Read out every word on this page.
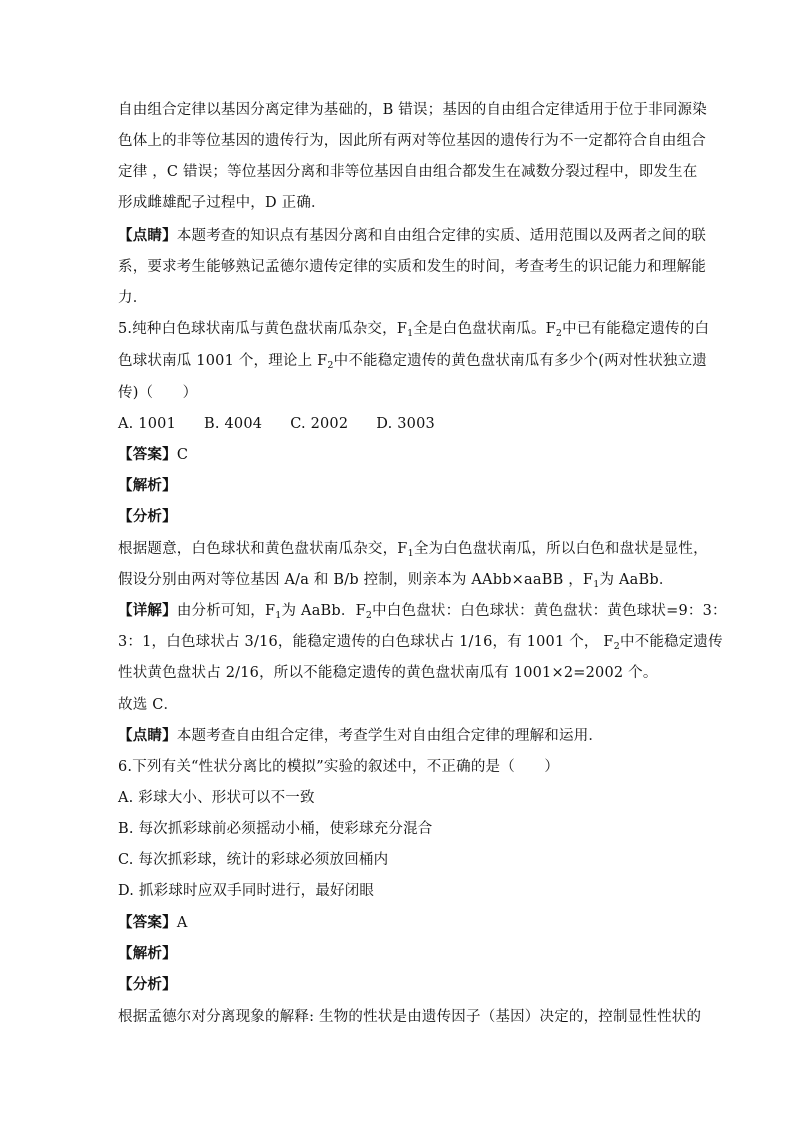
自由组合定律以基因分离定律为基础的，B 错误；基因的自由组合定律适用于位于非同源染
色体上的非等位基因的遗传行为，因此所有两对等位基因的遗传行为不一定都符合自由组合
定律 ，C 错误；等位基因分离和非等位基因自由组合都发生在减数分裂过程中，即发生在
形成雌雄配子过程中，D 正确．
【点睛】本题考查的知识点有基因分离和自由组合定律的实质、适用范围以及两者之间的联
系，要求考生能够熟记孟德尔遗传定律的实质和发生的时间，考查考生的识记能力和理解能
力．
5.纯种白色球状南瓜与黄色盘状南瓜杂交，$F_1$全是白色盘状南瓜。$F_2$中已有能稳定遗传的白
色球状南瓜 1001 个，理论上 $F_2$中不能稳定遗传的黄色盘状南瓜有多少个(两对性状独立遗
传)（　　）
A. 1001 B. 4004 C. 2002 D. 3003
【答案】C
【解析】
【分析】
根据题意，白色球状和黄色盘状南瓜杂交，$F_1$全为白色盘状南瓜，所以白色和盘状是显性，
假设分别由两对等位基因 A/a 和 B/b 控制，则亲本为 AAbb×aaBB ，$F_1$为 AaBb．
【详解】由分析可知，$F_1$为 AaBb．$F_2$中白色盘状：白色球状：黄色盘状：黄色球状=9：3：
3：1，白色球状占 3/16，能稳定遗传的白色球状占 1/16，有 1001 个， $F_2$中不能稳定遗传
性状黄色盘状占 2/16，所以不能稳定遗传的黄色盘状南瓜有 1001×2=2002 个。
故选 C．
【点睛】本题考查自由组合定律，考查学生对自由组合定律的理解和运用．
6.下列有关“性状分离比的模拟”实验的叙述中，不正确的是（　　）
A. 彩球大小、形状可以不一致
B. 每次抓彩球前必须摇动小桶，使彩球充分混合
C. 每次抓彩球，统计的彩球必须放回桶内
D. 抓彩球时应双手同时进行，最好闭眼
【答案】A
【解析】
【分析】
根据孟德尔对分离现象的解释: 生物的性状是由遗传因子（基因）决定的，控制显性性状的
